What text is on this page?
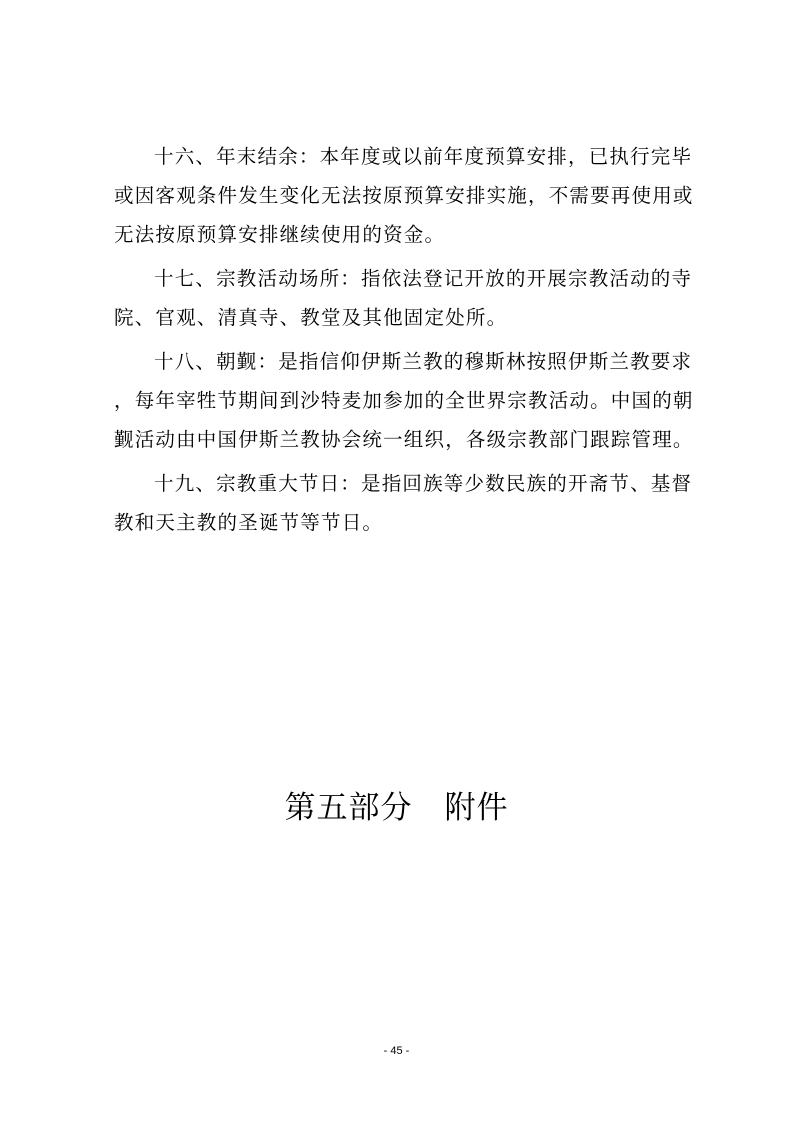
十六、年末结余：本年度或以前年度预算安排，已执行完毕
或因客观条件发生变化无法按原预算安排实施，不需要再使用或
无法按原预算安排继续使用的资金。

十七、宗教活动场所：指依法登记开放的开展宗教活动的寺
院、官观、清真寺、教堂及其他固定处所。

十八、朝觐：是指信仰伊斯兰教的穆斯林按照伊斯兰教要求
，每年宰牲节期间到沙特麦加参加的全世界宗教活动。中国的朝
觐活动由中国伊斯兰教协会统一组织，各级宗教部门跟踪管理。

十九、宗教重大节日：是指回族等少数民族的开斋节、基督
教和天主教的圣诞节等节日。

第五部分　附件
- 45 -
